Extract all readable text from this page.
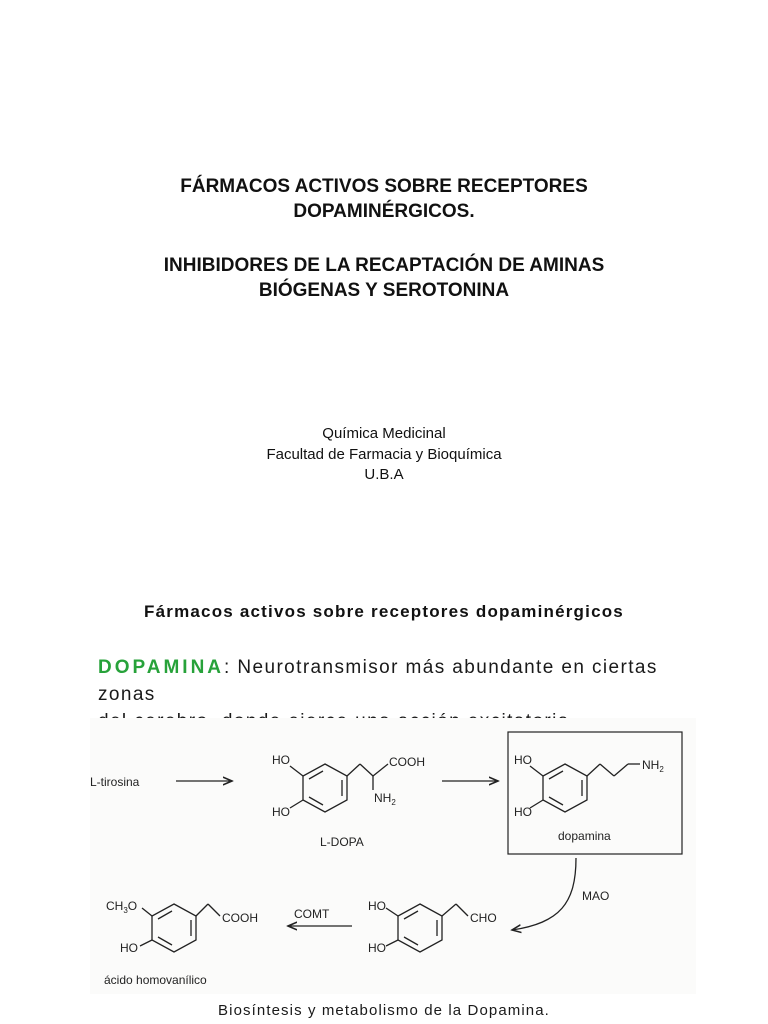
FÁRMACOS ACTIVOS SOBRE RECEPTORES
DOPAMINÉRGICOS.
INHIBIDORES DE LA RECAPTACIÓN DE AMINAS
BIÓGENAS Y SEROTONINA
Química Medicinal
Facultad de Farmacia y Bioquímica
U.B.A
Fármacos activos sobre receptores dopaminérgicos
DOPAMINA: Neurotransmisor más abundante en ciertas zonas

L-tirosina
HO
HO
COOH
$NH_2$
L-DOPA
HO
HO
$NH_2$
dopamina
MAO
HO
HO
CHO
COMT
$CH_3O$
HO
COOH
ácido homovanílico
Biosíntesis y metabolismo de la Dopamina.
